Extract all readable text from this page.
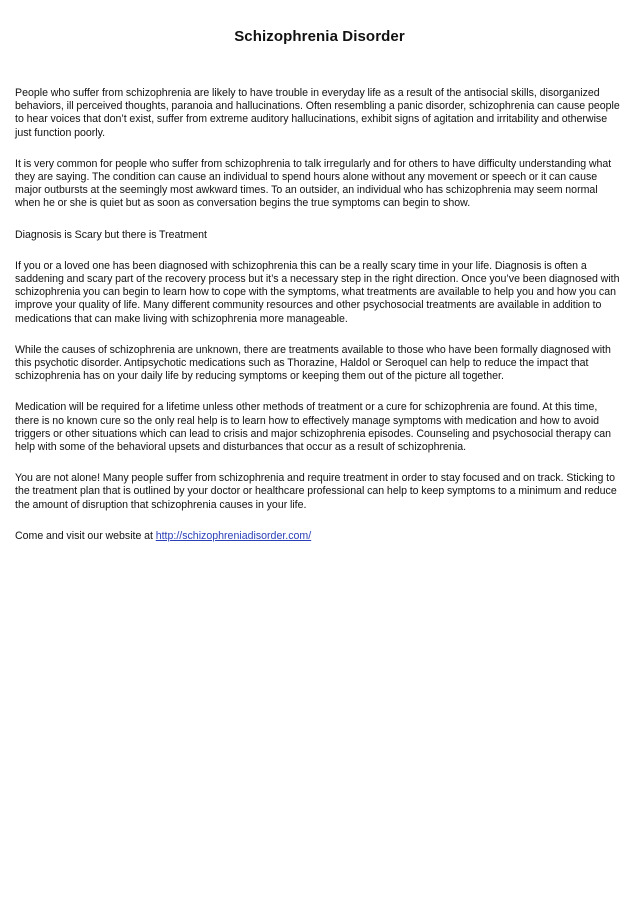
Schizophrenia Disorder

People who suffer from schizophrenia are likely to have trouble in everyday life as a result of the antisocial skills, disorganized behaviors, ill perceived thoughts, paranoia and hallucinations. Often resembling a panic disorder, schizophrenia can cause people to hear voices that don’t exist, suffer from extreme auditory hallucinations, exhibit signs of agitation and irritability and otherwise just function poorly.

It is very common for people who suffer from schizophrenia to talk irregularly and for others to have difficulty understanding what they are saying. The condition can cause an individual to spend hours alone without any movement or speech or it can cause major outbursts at the seemingly most awkward times. To an outsider, an individual who has schizophrenia may seem normal when he or she is quiet but as soon as conversation begins the true symptoms can begin to show.

Diagnosis is Scary but there is Treatment

If you or a loved one has been diagnosed with schizophrenia this can be a really scary time in your life. Diagnosis is often a saddening and scary part of the recovery process but it’s a necessary step in the right direction. Once you’ve been diagnosed with schizophrenia you can begin to learn how to cope with the symptoms, what treatments are available to help you and how you can improve your quality of life. Many different community resources and other psychosocial treatments are available in addition to medications that can make living with schizophrenia more manageable.

While the causes of schizophrenia are unknown, there are treatments available to those who have been formally diagnosed with this psychotic disorder. Antipsychotic medications such as Thorazine, Haldol or Seroquel can help to reduce the impact that schizophrenia has on your daily life by reducing symptoms or keeping them out of the picture all together.

Medication will be required for a lifetime unless other methods of treatment or a cure for schizophrenia are found. At this time, there is no known cure so the only real help is to learn how to effectively manage symptoms with medication and how to avoid triggers or other situations which can lead to crisis and major schizophrenia episodes. Counseling and psychosocial therapy can help with some of the behavioral upsets and disturbances that occur as a result of schizophrenia.

You are not alone! Many people suffer from schizophrenia and require treatment in order to stay focused and on track. Sticking to the treatment plan that is outlined by your doctor or healthcare professional can help to keep symptoms to a minimum and reduce the amount of disruption that schizophrenia causes in your life.

Come and visit our website at http://schizophreniadisorder.com/
